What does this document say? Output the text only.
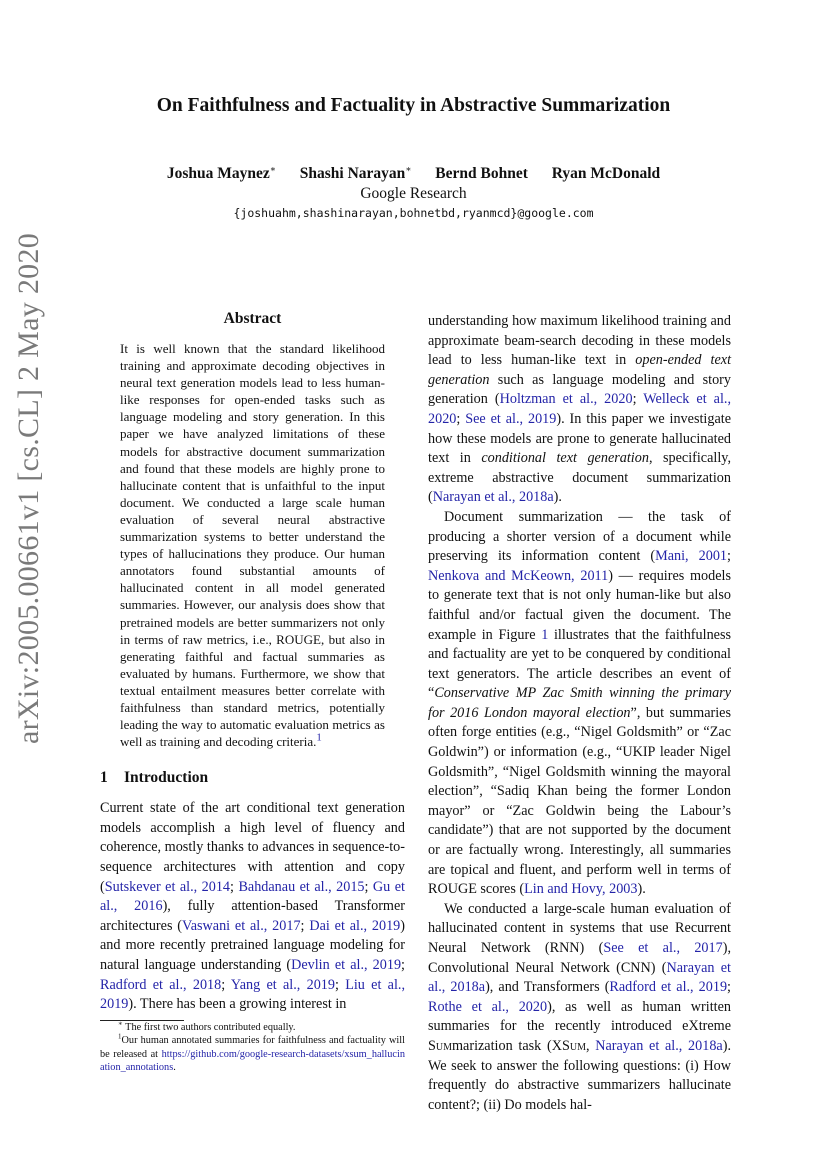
On Faithfulness and Factuality in Abstractive Summarization
Joshua Maynez∗ Shashi Narayan∗ Bernd Bohnet Ryan McDonald
Google Research
{joshuahm,shashinarayan,bohnetbd,ryanmcd}@google.com
arXiv:2005.00661v1 [cs.CL] 2 May 2020	Abstract
It is well known that the standard likelihood training and approximate decoding objectives in neural text generation models lead to less human-like responses for open-ended tasks such as language modeling and story generation. In this paper we have analyzed limitations of these models for abstractive document summarization and found that these models are highly prone to hallucinate content that is unfaithful to the input document. We conducted a large scale human evaluation of several neural abstractive summarization systems to better understand the types of hallucinations they produce. Our human annotators found substantial amounts of hallucinated content in all model generated summaries. However, our analysis does show that pretrained models are better summarizers not only in terms of raw metrics, i.e., ROUGE, but also in generating faithful and factual summaries as evaluated by humans. Furthermore, we show that textual entailment measures better correlate with faithfulness than standard metrics, potentially leading the way to automatic evaluation metrics as well as training and decoding criteria.$^1$
1 Introduction

Current state of the art conditional text generation models accomplish a high level of fluency and coherence, mostly thanks to advances in sequence-to-sequence architectures with attention and copy (Sutskever et al., 2014; Bahdanau et al., 2015; Gu et al., 2016), fully attention-based Transformer architectures (Vaswani et al., 2017; Dai et al., 2019) and more recently pretrained language modeling for natural language understanding (Devlin et al., 2019; Radford et al., 2018; Yang et al., 2019; Liu et al., 2019). There has been a growing interest in

∗ The first two authors contributed equally.
$^1$Our human annotated summaries for faithfulness and factuality will be released at https://github.com/google-research-datasets/xsum_hallucination_annotations.

understanding how maximum likelihood training and approximate beam-search decoding in these models lead to less human-like text in open-ended text generation such as language modeling and story generation (Holtzman et al., 2020; Welleck et al., 2020; See et al., 2019). In this paper we investigate how these models are prone to generate hallucinated text in conditional text generation, specifically, extreme abstractive document summarization (Narayan et al., 2018a).

Document summarization — the task of producing a shorter version of a document while preserving its information content (Mani, 2001; Nenkova and McKeown, 2011) — requires models to generate text that is not only human-like but also faithful and/or factual given the document. The example in Figure 1 illustrates that the faithfulness and factuality are yet to be conquered by conditional text generators. The article describes an event of “Conservative MP Zac Smith winning the primary for 2016 London mayoral election”, but summaries often forge entities (e.g., “Nigel Goldsmith” or “Zac Goldwin”) or information (e.g., “UKIP leader Nigel Goldsmith”, “Nigel Goldsmith winning the mayoral election”, “Sadiq Khan being the former London mayor” or “Zac Goldwin being the Labour’s candidate”) that are not supported by the document or are factually wrong. Interestingly, all summaries are topical and fluent, and perform well in terms of ROUGE scores (Lin and Hovy, 2003).

We conducted a large-scale human evaluation of hallucinated content in systems that use Recurrent Neural Network (RNN) (See et al., 2017), Convolutional Neural Network (CNN) (Narayan et al., 2018a), and Transformers (Radford et al., 2019; Rothe et al., 2020), as well as human written summaries for the recently introduced eXtreme Summarization task (XSum, Narayan et al., 2018a). We seek to answer the following questions: (i) How frequently do abstractive summarizers hallucinate content?; (ii) Do models hal-
